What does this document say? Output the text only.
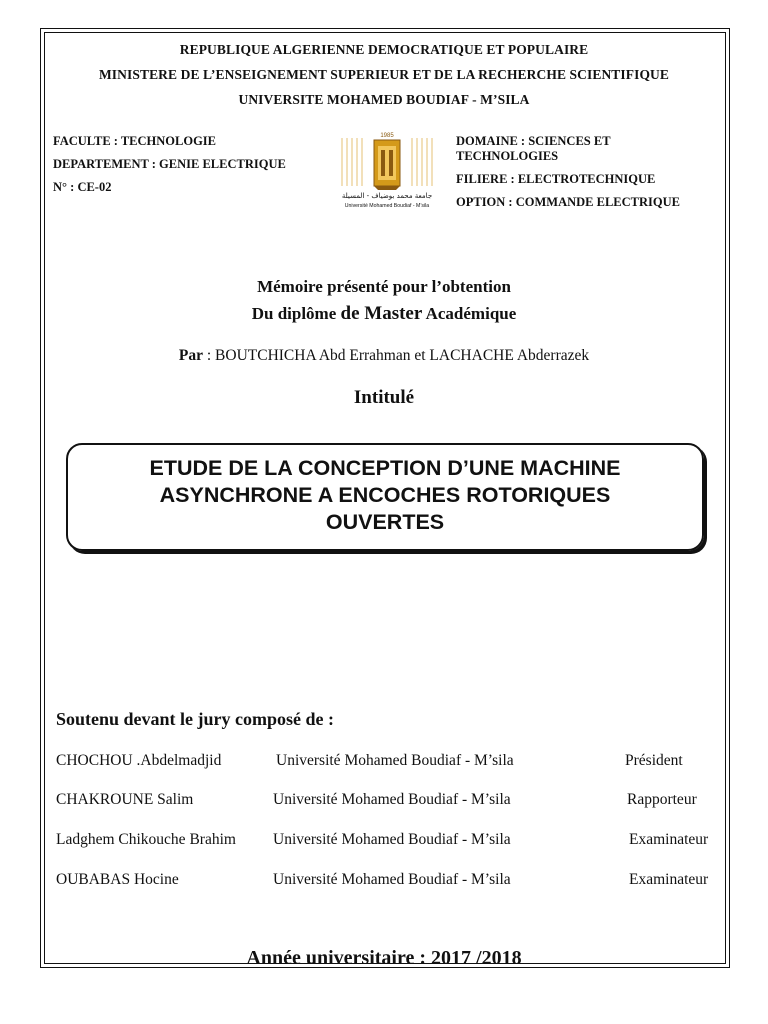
REPUBLIQUE ALGERIENNE DEMOCRATIQUE ET POPULAIRE
MINISTERE DE L’ENSEIGNEMENT SUPERIEUR ET DE LA RECHERCHE SCIENTIFIQUE
UNIVERSITE MOHAMED BOUDIAF - M’SILA
FACULTE : TECHNOLOGIE
DEPARTEMENT : GENIE ELECTRIQUE
N° : CE-02
DOMAINE : SCIENCES ET
TECHNOLOGIES
FILIERE : ELECTROTECHNIQUE
OPTION : COMMANDE ELECTRIQUE
1985
جامعة محمد بوضياف - المسيلة
Université Mohamed Boudiaf - M’sila
Mémoire présenté pour l’obtention
Du diplôme de Master Académique
Par : BOUTCHICHA Abd Errahman et LACHACHE Abderrazek
Intitulé
ETUDE DE LA CONCEPTION D’UNE MACHINE
ASYNCHRONE A ENCOCHES ROTORIQUES
OUVERTES
Soutenu devant le jury composé de :
CHOCHOU .Abdelmadjid	Université Mohamed Boudiaf - M’sila	Président
CHAKROUNE Salim	Université Mohamed Boudiaf - M’sila	Rapporteur
Ladghem Chikouche Brahim Université Mohamed Boudiaf - M’sila	Examinateur
OUBABAS Hocine	Université Mohamed Boudiaf - M’sila	Examinateur
Année universitaire : 2017 /2018
